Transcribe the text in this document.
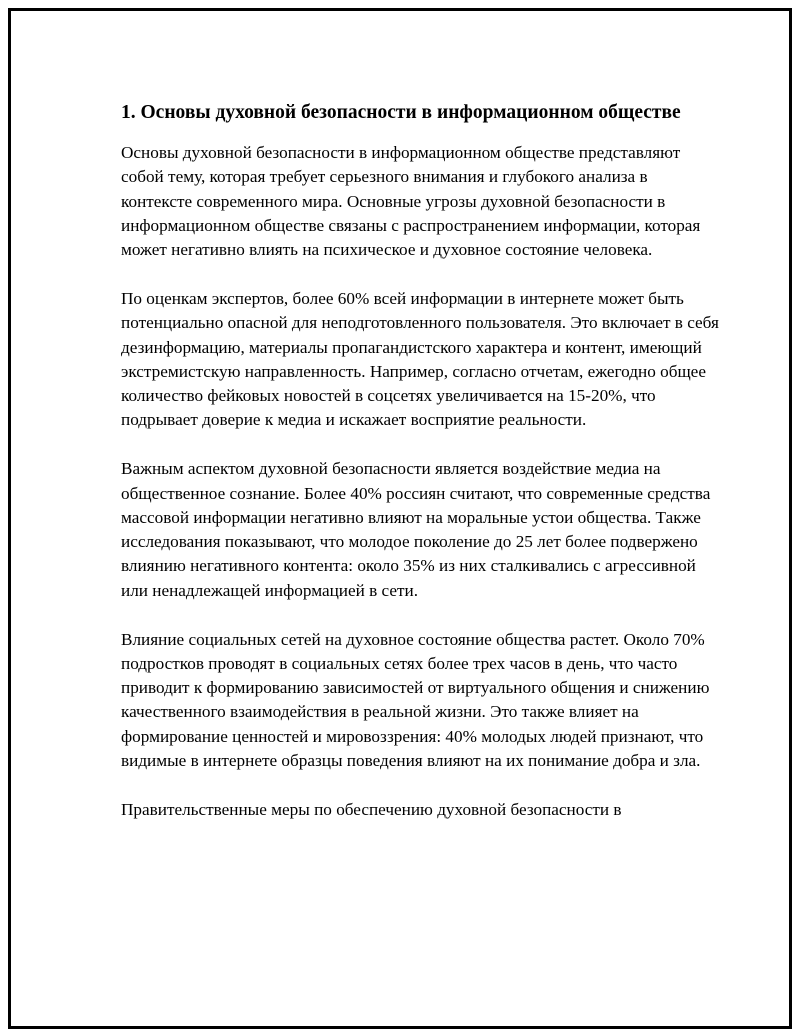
1. Основы духовной безопасности в информационном обществе

Основы духовной безопасности в информационном обществе представляют собой тему, которая требует серьезного внимания и глубокого анализа в контексте современного мира. Основные угрозы духовной безопасности в информационном обществе связаны с распространением информации, которая может негативно влиять на психическое и духовное состояние человека.

По оценкам экспертов, более 60% всей информации в интернете может быть потенциально опасной для неподготовленного пользователя. Это включает в себя дезинформацию, материалы пропагандистского характера и контент, имеющий экстремистскую направленность. Например, согласно отчетам, ежегодно общее количество фейковых новостей в соцсетях увеличивается на 15-20%, что подрывает доверие к медиа и искажает восприятие реальности.

Важным аспектом духовной безопасности является воздействие медиа на общественное сознание. Более 40% россиян считают, что современные средства массовой информации негативно влияют на моральные устои общества. Также исследования показывают, что молодое поколение до 25 лет более подвержено влиянию негативного контента: около 35% из них сталкивались с агрессивной или ненадлежащей информацией в сети.

Влияние социальных сетей на духовное состояние общества растет. Около 70% подростков проводят в социальных сетях более трех часов в день, что часто приводит к формированию зависимостей от виртуального общения и снижению качественного взаимодействия в реальной жизни. Это также влияет на формирование ценностей и мировоззрения: 40% молодых людей признают, что видимые в интернете образцы поведения влияют на их понимание добра и зла.

Правительственные меры по обеспечению духовной безопасности в
